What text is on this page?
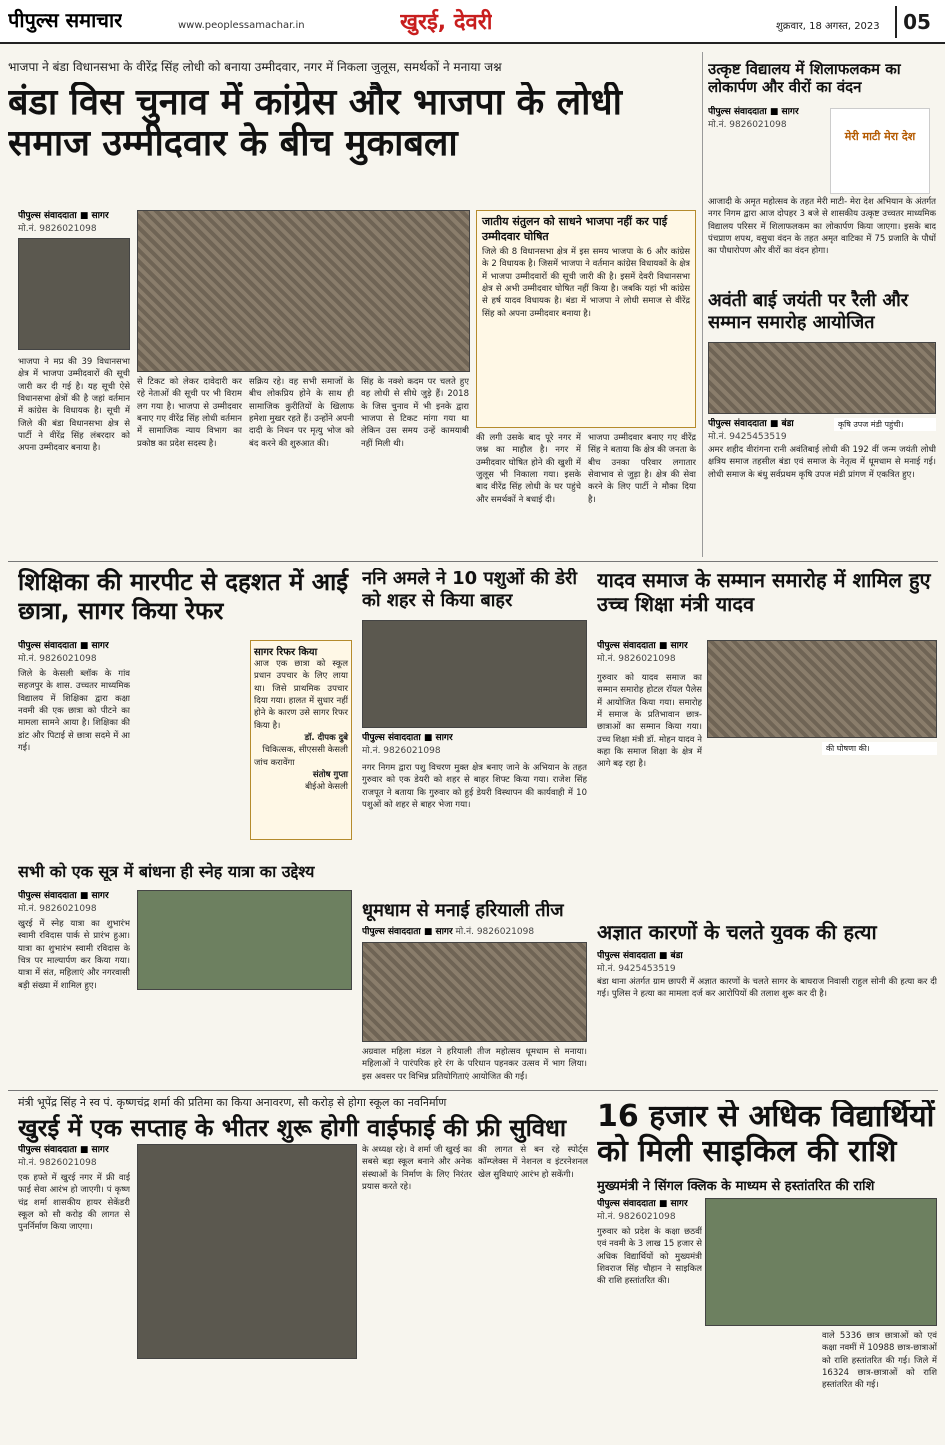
पीपुल्स समाचार	www.peoplessamachar.in	खुरई, देवरी	शुक्रवार, 18 अगस्त, 2023	05
भाजपा ने बंडा विधानसभा के वीरेंद्र सिंह लोधी को बनाया उम्मीदवार, नगर में निकला जुलूस, समर्थकों ने मनाया जश्न
बंडा विस चुनाव में कांग्रेस और भाजपा के लोधी समाज उम्मीदवार के बीच मुकाबला
पीपुल्स संवाददाता ■ सागर
मो.नं. 9826021098
जातीय संतुलन को साधने भाजपा नहीं कर पाई उम्मीदवार घोषित
जिले की 8 विधानसभा क्षेत्र में इस समय भाजपा के 6 और कांग्रेस के 2 विधायक है। जिसमें भाजपा ने वर्तमान कांग्रेस विधायकों के क्षेत्र में भाजपा उम्मीदवारों की सूची जारी की है। इसमें देवरी विधानसभा क्षेत्र से अभी उम्मीदवार घोषित नहीं किया है। जबकि यहां भी कांग्रेस से हर्ष यादव विधायक है। बंडा में भाजपा ने लोधी समाज से वीरेंद्र सिंह को अपना उम्मीदवार बनाया है।
भाजपा ने मप्र की 39 विधानसभा क्षेत्र में भाजपा उम्मीदवारों की सूची जारी कर दी गई है। यह सूची ऐसे विधानसभा क्षेत्रों की है जहां वर्तमान में कांग्रेस के विधायक है। सूची में जिले की बंडा विधानसभा क्षेत्र से पार्टी ने वीरेंद्र सिंह लंबरदार को अपना उम्मीदवार बनाया है।
से टिकट को लेकर दावेदारी कर रहे नेताओं की सूची पर भी विराम लग गया है। भाजपा से उम्मीदवार बनाए गए वीरेंद्र सिंह लोधी वर्तमान में सामाजिक न्याय विभाग का प्रकोष्ठ का प्रदेश सदस्य है।
सक्रिय रहे। वह सभी समाजों के बीच लोकप्रिय होने के साथ ही सामाजिक कुरीतियों के खिलाफ हमेशा मुखर रहते हैं। उन्होंने अपनी दादी के निधन पर मृत्यु भोज को बंद करने की शुरुआत की।
सिंह के नक्शे कदम पर चलते हुए वह लोधी से सीधे जुड़े हैं। 2018 के जिस चुनाव में भी इनके द्वारा भाजपा से टिकट मांगा गया था लेकिन उस समय उन्हें कामयाबी नहीं मिली थी।
की लगी उसके बाद पूरे नगर में जश्न का माहौल है। नगर में उम्मीदवार घोषित होने की खुशी में जुलूस भी निकाला गया। इसके बाद वीरेंद्र सिंह लोधी के घर पहुंचे और समर्थकों ने बधाई दी।
भाजपा उम्मीदवार बनाए गए वीरेंद्र सिंह ने बताया कि क्षेत्र की जनता के बीच उनका परिवार लगातार सेवाभाव से जुड़ा है। क्षेत्र की सेवा करने के लिए पार्टी ने मौका दिया है।
उत्कृष्ट विद्यालय में शिलाफलकम का लोकार्पण और वीरों का वंदन
पीपुल्स संवाददाता ■ सागर
मो.नं. 9826021098
मेरी माटी मेरा देश
आजादी के अमृत महोत्सव के तहत मेरी माटी- मेरा देश अभियान के अंतर्गत नगर निगम द्वारा आज दोपहर 3 बजे से शासकीय उत्कृष्ट उच्चतर माध्यमिक विद्यालय परिसर में शिलाफलकम का लोकार्पण किया जाएगा। इसके बाद पंचप्राण शपथ, वसुधा वंदन के तहत अमृत वाटिका में 75 प्रजाति के पौधों का पौधारोपण और वीरों का वंदन होगा।
अवंती बाई जयंती पर रैली और सम्मान समारोह आयोजित
पीपुल्स संवाददाता ■ बंडा
मो.नं. 9425453519
कृषि उपज मंडी पहुंची।
अमर शहीद वीरांगना रानी अवंतिबाई लोधी की 192 वीं जन्म जयंती लोधी क्षत्रिय समाज तहसील बंडा एवं समाज के नेतृत्व में धूमधाम से मनाई गई। लोधी समाज के बंधु सर्वप्रथम कृषि उपज मंडी प्रांगण में एकत्रित हुए।
शिक्षिका की मारपीट से दहशत में आई छात्रा, सागर किया रेफर
पीपुल्स संवाददाता ■ सागर
मो.नं. 9826021098
जिले के केसली ब्लॉक के गांव सहजपुर के शास. उच्चतर माध्यमिक विद्यालय में शिक्षिका द्वारा कक्षा नवमी की एक छात्रा को पीटने का मामला सामने आया है। शिक्षिका की डांट और पिटाई से छात्रा सदमे में आ गई।
सागर रिफर किया
आज एक छात्रा को स्कूल प्रधान उपचार के लिए लाया था। जिसे प्राथमिक उपचार दिया गया। हालत में सुधार नहीं होने के कारण उसे सागर रिफर किया है।
डॉ. दीपक दुबे
चिकित्सक, सीएससी केसली
जांच करावेंगा
संतोष गुप्ता
बीईओ केसली
ननि अमले ने 10 पशुओं की डेरी को शहर से किया बाहर
पीपुल्स संवाददाता ■ सागर
मो.नं. 9826021098
नगर निगम द्वारा पशु विचरण मुक्त क्षेत्र बनाए जाने के अभियान के तहत गुरुवार को एक डेयरी को शहर से बाहर शिफ्ट किया गया। राजेश सिंह राजपूत ने बताया कि गुरुवार को हुई डेयरी विस्थापन की कार्यवाही में 10 पशुओं को शहर से बाहर भेजा गया।
यादव समाज के सम्मान समारोह में शामिल हुए उच्च शिक्षा मंत्री यादव
पीपुल्स संवाददाता ■ सागर
मो.नं. 9826021098
की घोषणा की।
गुरुवार को यादव समाज का सम्मान समारोह होटल रॉयल पैलेस में आयोजित किया गया। समारोह में समाज के प्रतिभावान छात्र-छात्राओं का सम्मान किया गया। उच्च शिक्षा मंत्री डॉ. मोहन यादव ने कहा कि समाज शिक्षा के क्षेत्र में आगे बढ़ रहा है।
सभी को एक सूत्र में बांधना ही स्नेह यात्रा का उद्देश्य
पीपुल्स संवाददाता ■ सागर
मो.नं. 9826021098
खुरई में स्नेह यात्रा का शुभारंभ स्वामी रविदास पार्क से प्रारंभ हुआ। यात्रा का शुभारंभ स्वामी रविदास के चित्र पर माल्यार्पण कर किया गया। यात्रा में संत, महिलाएं और नगरवासी बड़ी संख्या में शामिल हुए।
धूमधाम से मनाई हरियाली तीज
पीपुल्स संवाददाता ■ सागर मो.नं. 9826021098
अग्रवाल महिला मंडल ने हरियाली तीज महोत्सव धूमधाम से मनाया। महिलाओं ने पारंपरिक हरे रंग के परिधान पहनकर उत्सव में भाग लिया। इस अवसर पर विभिन्न प्रतियोगिताएं आयोजित की गईं।
अज्ञात कारणों के चलते युवक की हत्या
पीपुल्स संवाददाता ■ बंडा
मो.नं. 9425453519
बंडा थाना अंतर्गत ग्राम छापरी में अज्ञात कारणों के चलते सागर के बाघराज निवासी राहुल सोनी की हत्या कर दी गई। पुलिस ने हत्या का मामला दर्ज कर आरोपियों की तलाश शुरू कर दी है।
मंत्री भूपेंद्र सिंह ने स्व पं. कृष्णचंद्र शर्मा की प्रतिमा का किया अनावरण, सौ करोड़ से होगा स्कूल का नवनिर्माण
खुरई में एक सप्ताह के भीतर शुरू होगी वाईफाई की फ्री सुविधा
पीपुल्स संवाददाता ■ सागर
मो.नं. 9826021098
एक हफ्ते में खुरई नगर में फ्री वाई फाई सेवा आरंभ हो जाएगी। पं कृष्ण चंद्र शर्मा शासकीय हायर सेकेंडरी स्कूल को सौ करोड़ की लागत से पुनर्निर्माण किया जाएगा।
के अध्यक्ष रहे। वे शर्मा जी खुरई का सबसे बड़ा स्कूल बनाने और अनेक संस्थाओं के निर्माण के लिए निरंतर प्रयास करते रहे।
की लागत से बन रहे स्पोर्ट्स कॉम्प्लेक्स में नेशनल व इंटरनेशनल खेल सुविधाएं आरंभ हो सकेंगी।
16 हजार से अधिक विद्यार्थियों को मिली साइकिल की राशि
मुख्यमंत्री ने सिंगल क्लिक के माध्यम से हस्तांतरित की राशि
पीपुल्स संवाददाता ■ सागर
मो.नं. 9826021098
गुरुवार को प्रदेश के कक्षा छठवीं एवं नवमी के 3 लाख 15 हजार से अधिक विद्यार्थियों को मुख्यमंत्री शिवराज सिंह चौहान ने साइकिल की राशि हस्तांतरित की।
वाले 5336 छात्र छात्राओं को एवं कक्षा नवमीं में 10988 छात्र-छात्राओं को राशि हस्तांतरित की गई। जिले में 16324 छात्र-छात्राओं को राशि हस्तांतरित की गई।
